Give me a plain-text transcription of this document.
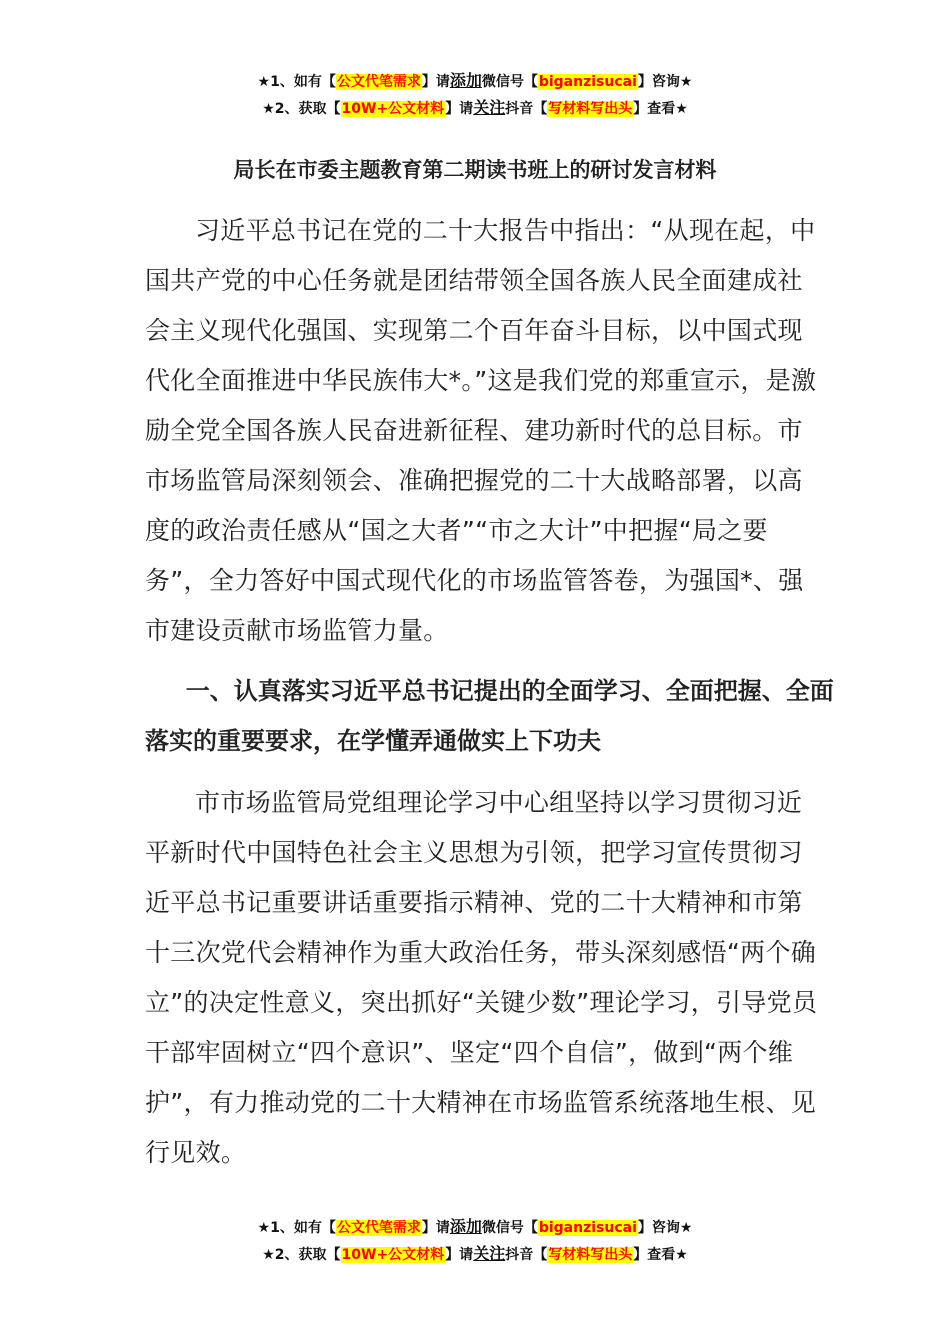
★1、如有【公文代笔需求】请添加微信号【biganzisucai】咨询★
★2、获取【10W+公文材料】请关注抖音【写材料写出头】查看★
局长在市委主题教育第二期读书班上的研讨发言材料

习近平总书记在党的二十大报告中指出：“从现在起，中国共产党的中心任务就是团结带领全国各族人民全面建成社会主义现代化强国、实现第二个百年奋斗目标，以中国式现代化全面推进中华民族伟大*。”这是我们党的郑重宣示，是激励全党全国各族人民奋进新征程、建功新时代的总目标。市市场监管局深刻领会、准确把握党的二十大战略部署，以高度的政治责任感从“国之大者”“市之大计”中把握“局之要务”，全力答好中国式现代化的市场监管答卷，为强国*、强市建设贡献市场监管力量。

一、认真落实习近平总书记提出的全面学习、全面把握、全面落实的重要要求，在学懂弄通做实上下功夫

市市场监管局党组理论学习中心组坚持以学习贯彻习近平新时代中国特色社会主义思想为引领，把学习宣传贯彻习近平总书记重要讲话重要指示精神、党的二十大精神和市第十三次党代会精神作为重大政治任务，带头深刻感悟“两个确立”的决定性意义，突出抓好“关键少数”理论学习，引导党员干部牢固树立“四个意识”、坚定“四个自信”，做到“两个维护”，有力推动党的二十大精神在市场监管系统落地生根、见行见效。

★1、如有【公文代笔需求】请添加微信号【biganzisucai】咨询★
★2、获取【10W+公文材料】请关注抖音【写材料写出头】查看★
